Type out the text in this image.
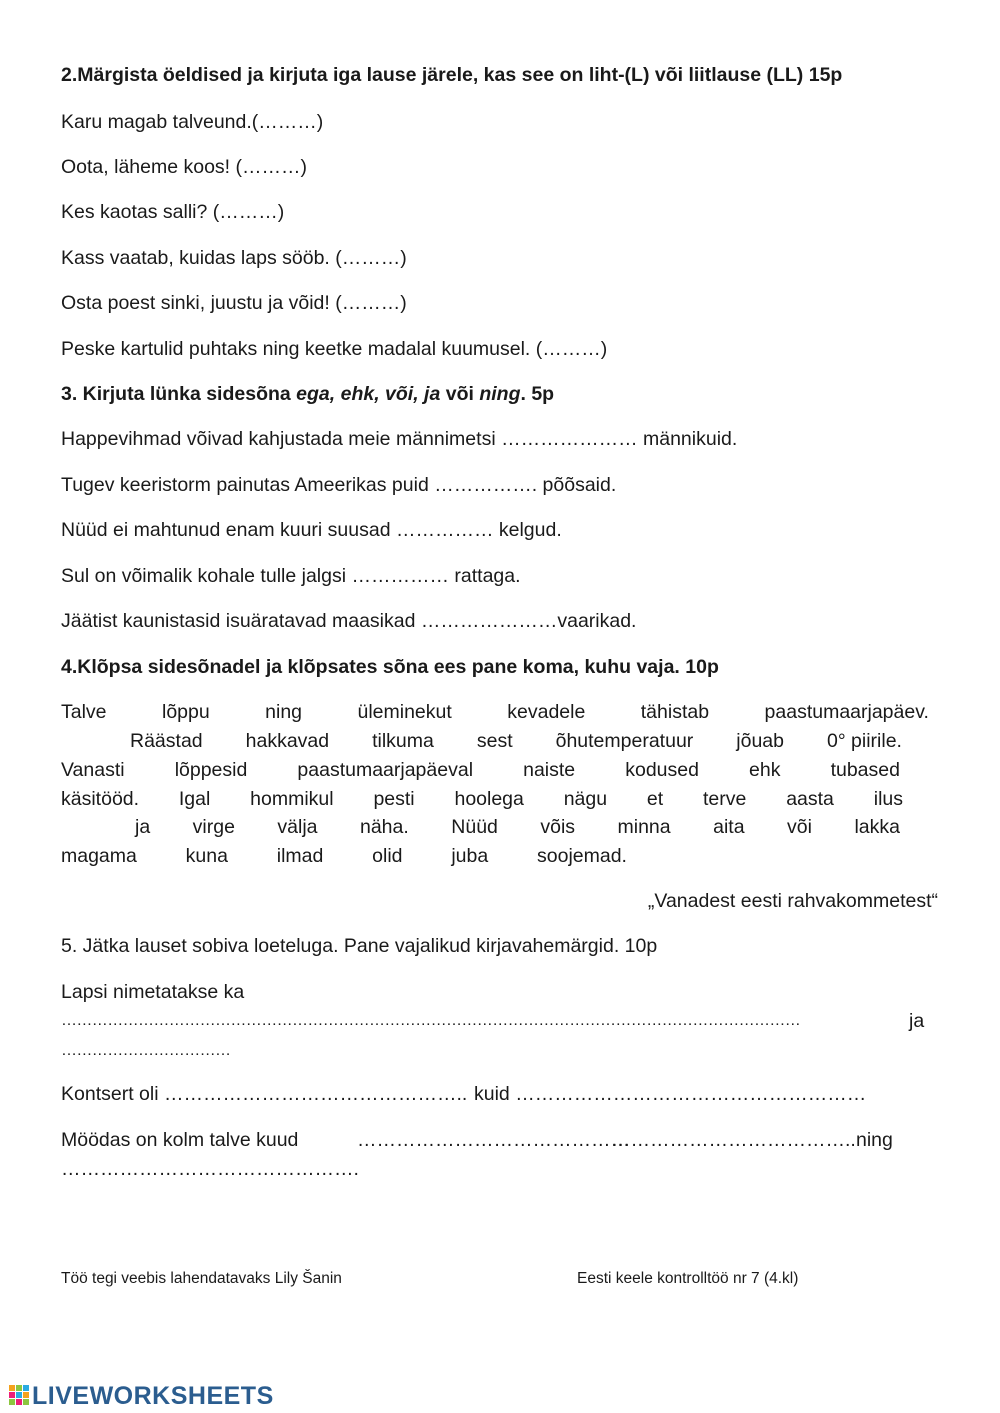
2.Märgista öeldised ja kirjuta iga lause järele, kas see on liht-(L) või liitlause (LL) 15p
Karu magab talveund.(………)
Oota, läheme koos! (………)
Kes kaotas salli? (………)
Kass vaatab, kuidas laps sööb. (………)
Osta poest sinki, juustu ja võid! (………)
Peske kartulid puhtaks ning keetke madalal kuumusel. (………)
3. Kirjuta lünka sidesõna ega, ehk, või, ja või ning. 5p
Happevihmad võivad kahjustada meie männimetsi ………………… männikuid.
Tugev keeristorm painutas Ameerikas puid ……………. põõsaid.
Nüüd ei mahtunud enam kuuri suusad …………… kelgud.
Sul on võimalik kohale tulle jalgsi …………… rattaga.
Jäätist kaunistasid isuäratavad maasikad …………………vaarikad.
4.Klõpsa sidesõnadel ja klõpsates sõna ees pane koma, kuhu vaja. 10p
Talve	lõppu	ning	üleminekut	kevadele	tähistab	paastumaarjapäev.
Räästad hakkavad tilkuma sest õhutemperatuur jõuab 0° piirile.
Vanasti	lõppesid	paastumaarjapäeval	naiste	kodused	ehk	tubased
käsitööd. Igal hommikul pesti hoolega nägu et terve aasta ilus
ja virge välja näha. Nüüd võis minna aita või lakka
magama	kuna	ilmad	olid	juba	soojemad.
„Vanadest eesti rahvakommetest“
5. Jätka lauset sobiva loeteluga. Pane vajalikud kirjavahemärgid. 10p
Lapsi nimetatakse ka
………………………………………………………………………………………………………………………………	ja
……………………………
Kontsert oli ……………………………………….. kuid ………………………………………………
Möödas on kolm talve kuud	……………………………………
……………………………….. ning
……………………………………….
Töö tegi veebis lahendatavaks Lily Šanin	Eesti keele kontrolltöö nr 7 (4.kl)
LIVEWORKSHEETS
